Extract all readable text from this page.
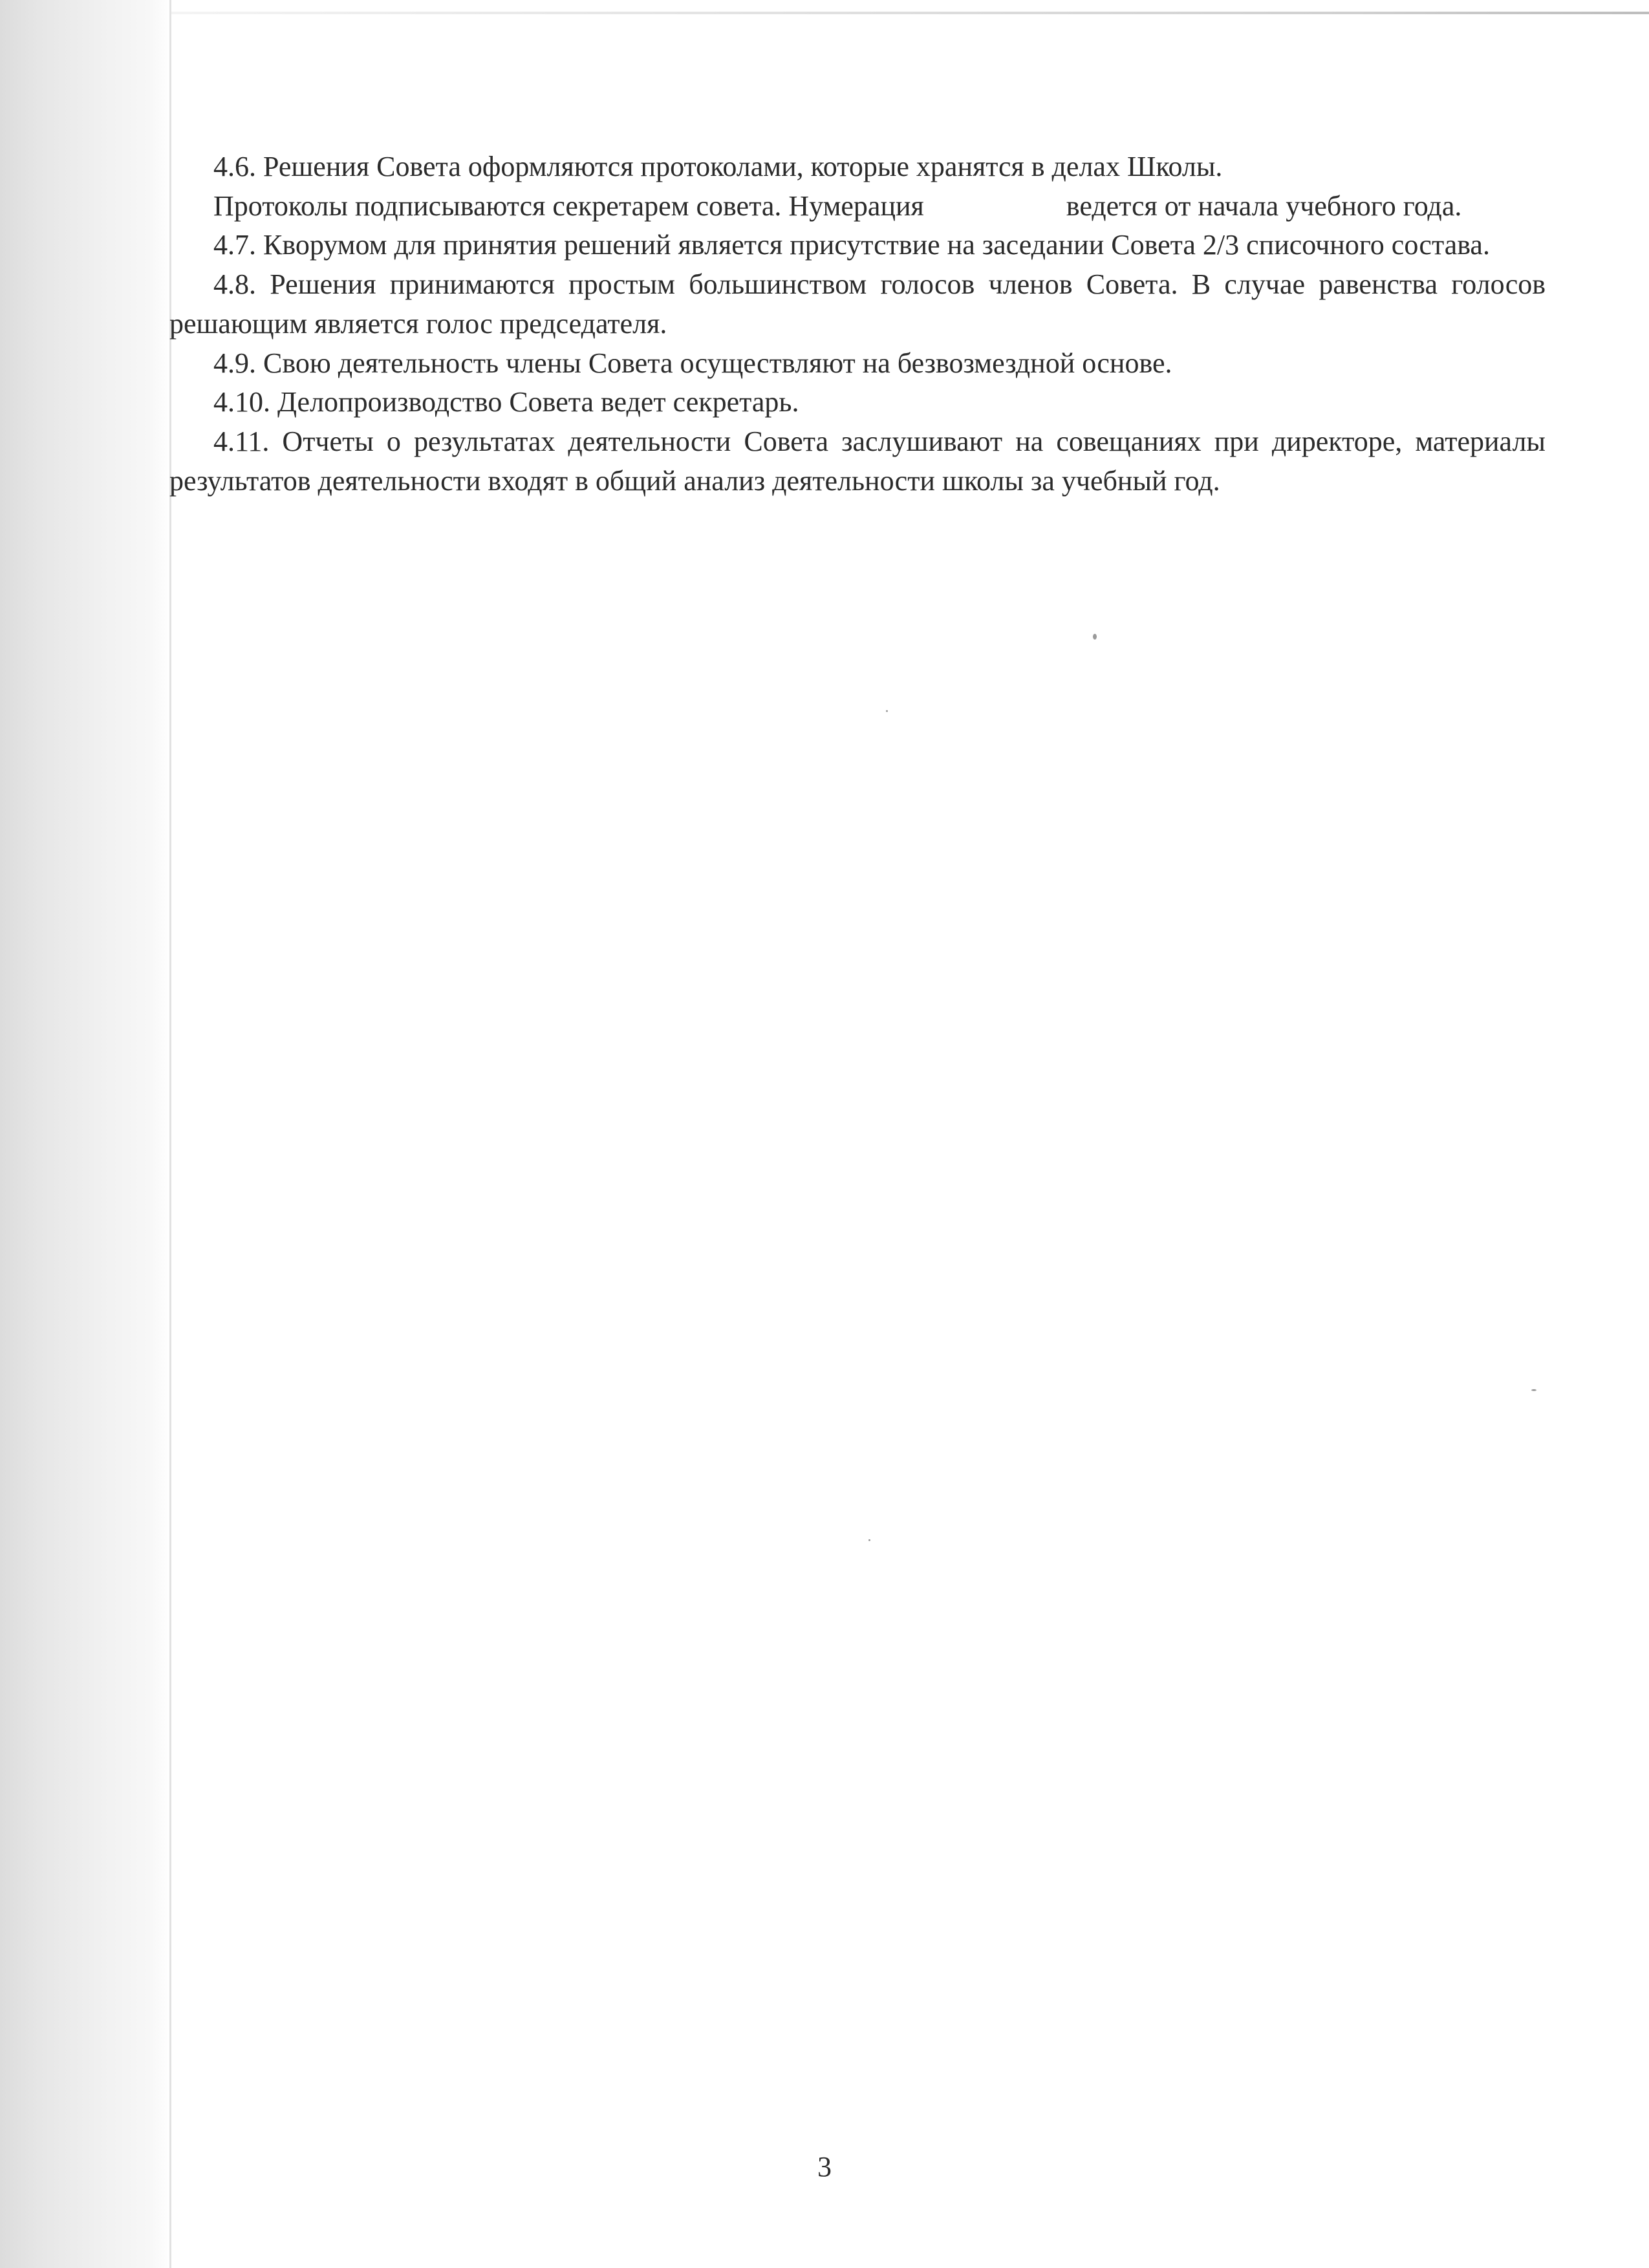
4.6. Решения Совета оформляются протоколами, которые хранятся в делах Школы.

Протоколы подписываются секретарем совета. Нумерация	ведется от начала учебного года.

4.7. Кворумом для принятия решений является присутствие на заседании Совета 2/3 списочного состава.

4.8. Решения принимаются простым большинством голосов членов Совета. В случае равенства голосов решающим является голос председателя.

4.9. Свою деятельность члены Совета осуществляют на безвозмездной основе.

4.10. Делопроизводство Совета ведет секретарь.

4.11. Отчеты о результатах деятельности Совета заслушивают на совещаниях при директоре, материалы результатов деятельности входят в общий анализ деятельности школы за учебный год.

3
